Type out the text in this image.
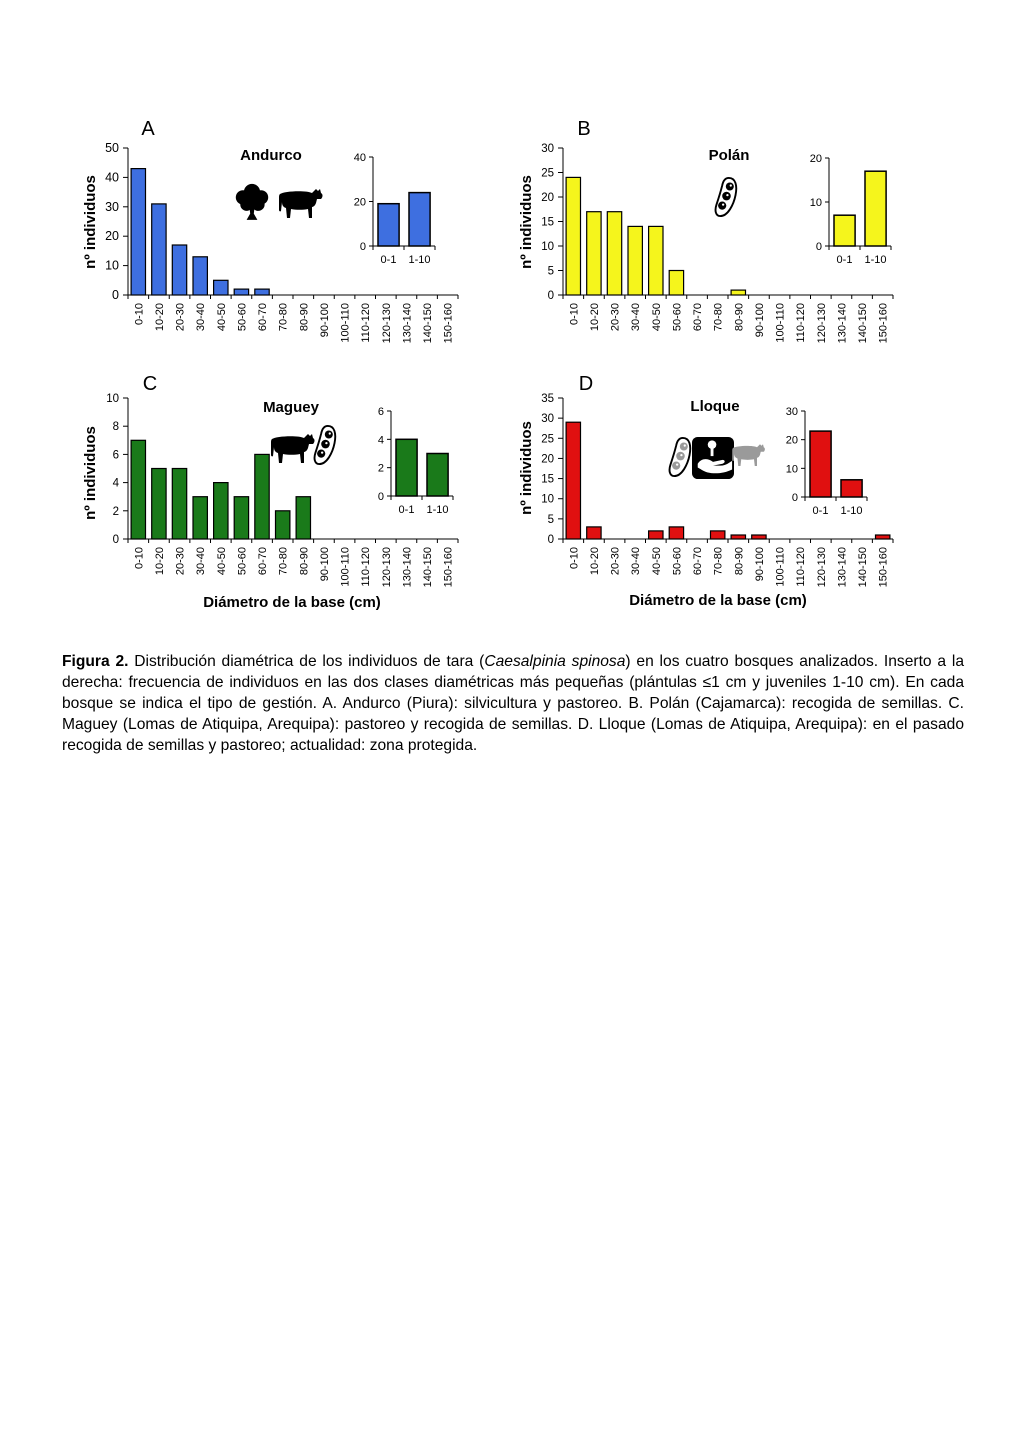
A
Andurco
nº individuos
0
10
20
30
40
50
0-10 10-20 20-30 30-40 40-50 50-60 60-70 70-80 80-90 90-100 100-110 110-120 120-130 130-140 140-150 150-160
0
20
40
0-1 1-10
B
Polán
nº individuos
0
5
10
15
20
25
30
0-10 10-20 20-30 30-40 40-50 50-60 60-70 70-80 80-90 90-100 100-110 110-120 120-130 130-140 140-150 150-160
0
10
20
0-1 1-10
C
Maguey
nº individuos
Diámetro de la base (cm)
0
2
4
6
8
10
0-10 10-20 20-30 30-40 40-50 50-60 60-70 70-80 80-90 90-100 100-110 110-120 120-130 130-140 140-150 150-160
0
2
4
6
0-1 1-10
D
Lloque
nº individuos
Diámetro de la base (cm)
0
5
10
15
20
25
30
35
0-10 10-20 20-30 30-40 40-50 50-60 60-70 70-80 80-90 90-100 100-110 110-120 120-130 130-140 140-150 150-160
0
10
20
30
0-1 1-10

Figura 2. Distribución diamétrica de los individuos de tara (Caesalpinia spinosa) en los cuatro bosques analizados. Inserto a la derecha: frecuencia de individuos en las dos clases diamétricas más pequeñas (plántulas ≤1 cm y juveniles 1-10 cm). En cada bosque se indica el tipo de gestión. A. Andurco (Piura): silvicultura y pastoreo. B. Polán (Cajamarca): recogida de semillas. C. Maguey (Lomas de Atiquipa, Arequipa): pastoreo y recogida de semillas. D. Lloque (Lomas de Atiquipa, Arequipa): en el pasado recogida de semillas y pastoreo; actualidad: zona protegida.
